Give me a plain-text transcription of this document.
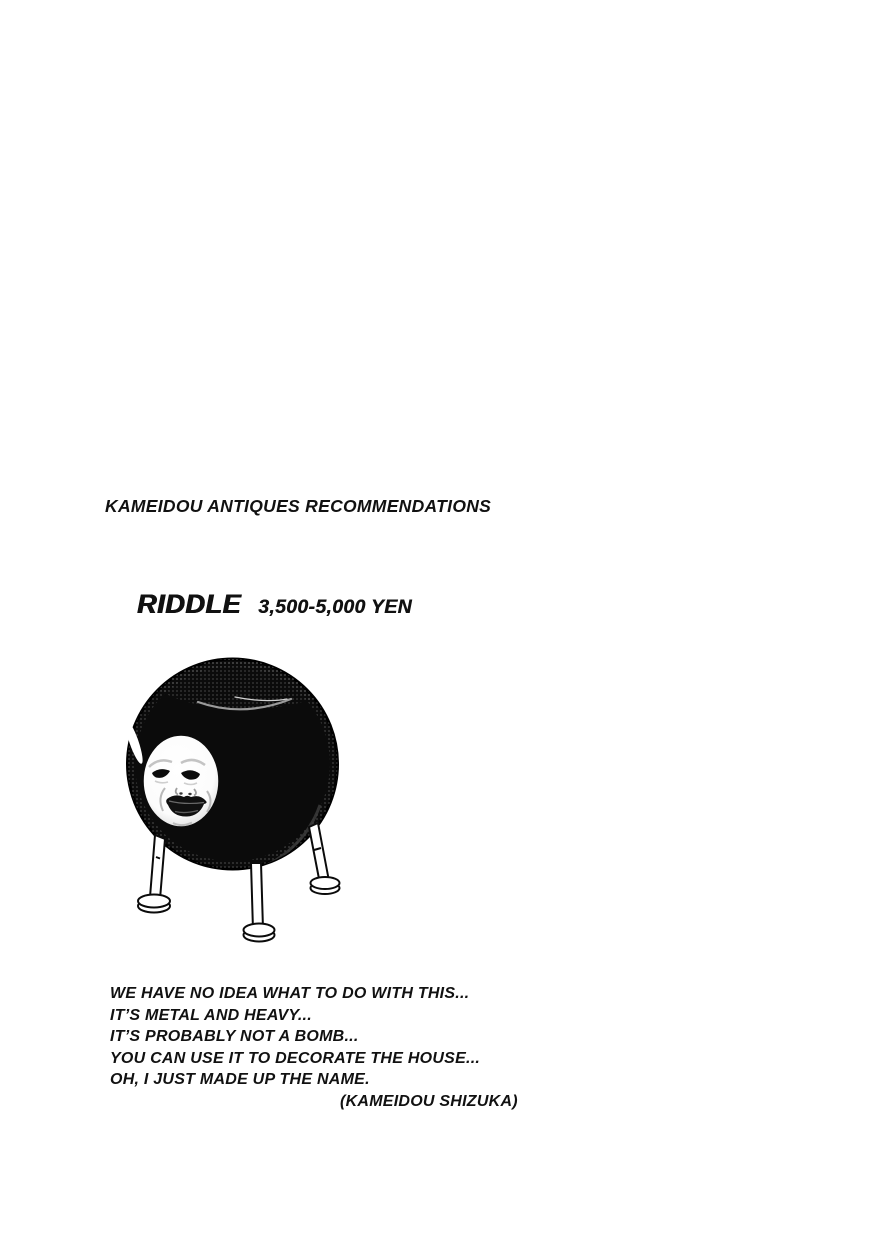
KAMEIDOU ANTIQUES RECOMMENDATIONS
RIDDLE 3,500-5,000 YEN
WE HAVE NO IDEA WHAT TO DO WITH THIS...
IT’S METAL AND HEAVY...
IT’S PROBABLY NOT A BOMB...
YOU CAN USE IT TO DECORATE THE HOUSE...
OH, I JUST MADE UP THE NAME.
(KAMEIDOU SHIZUKA)
